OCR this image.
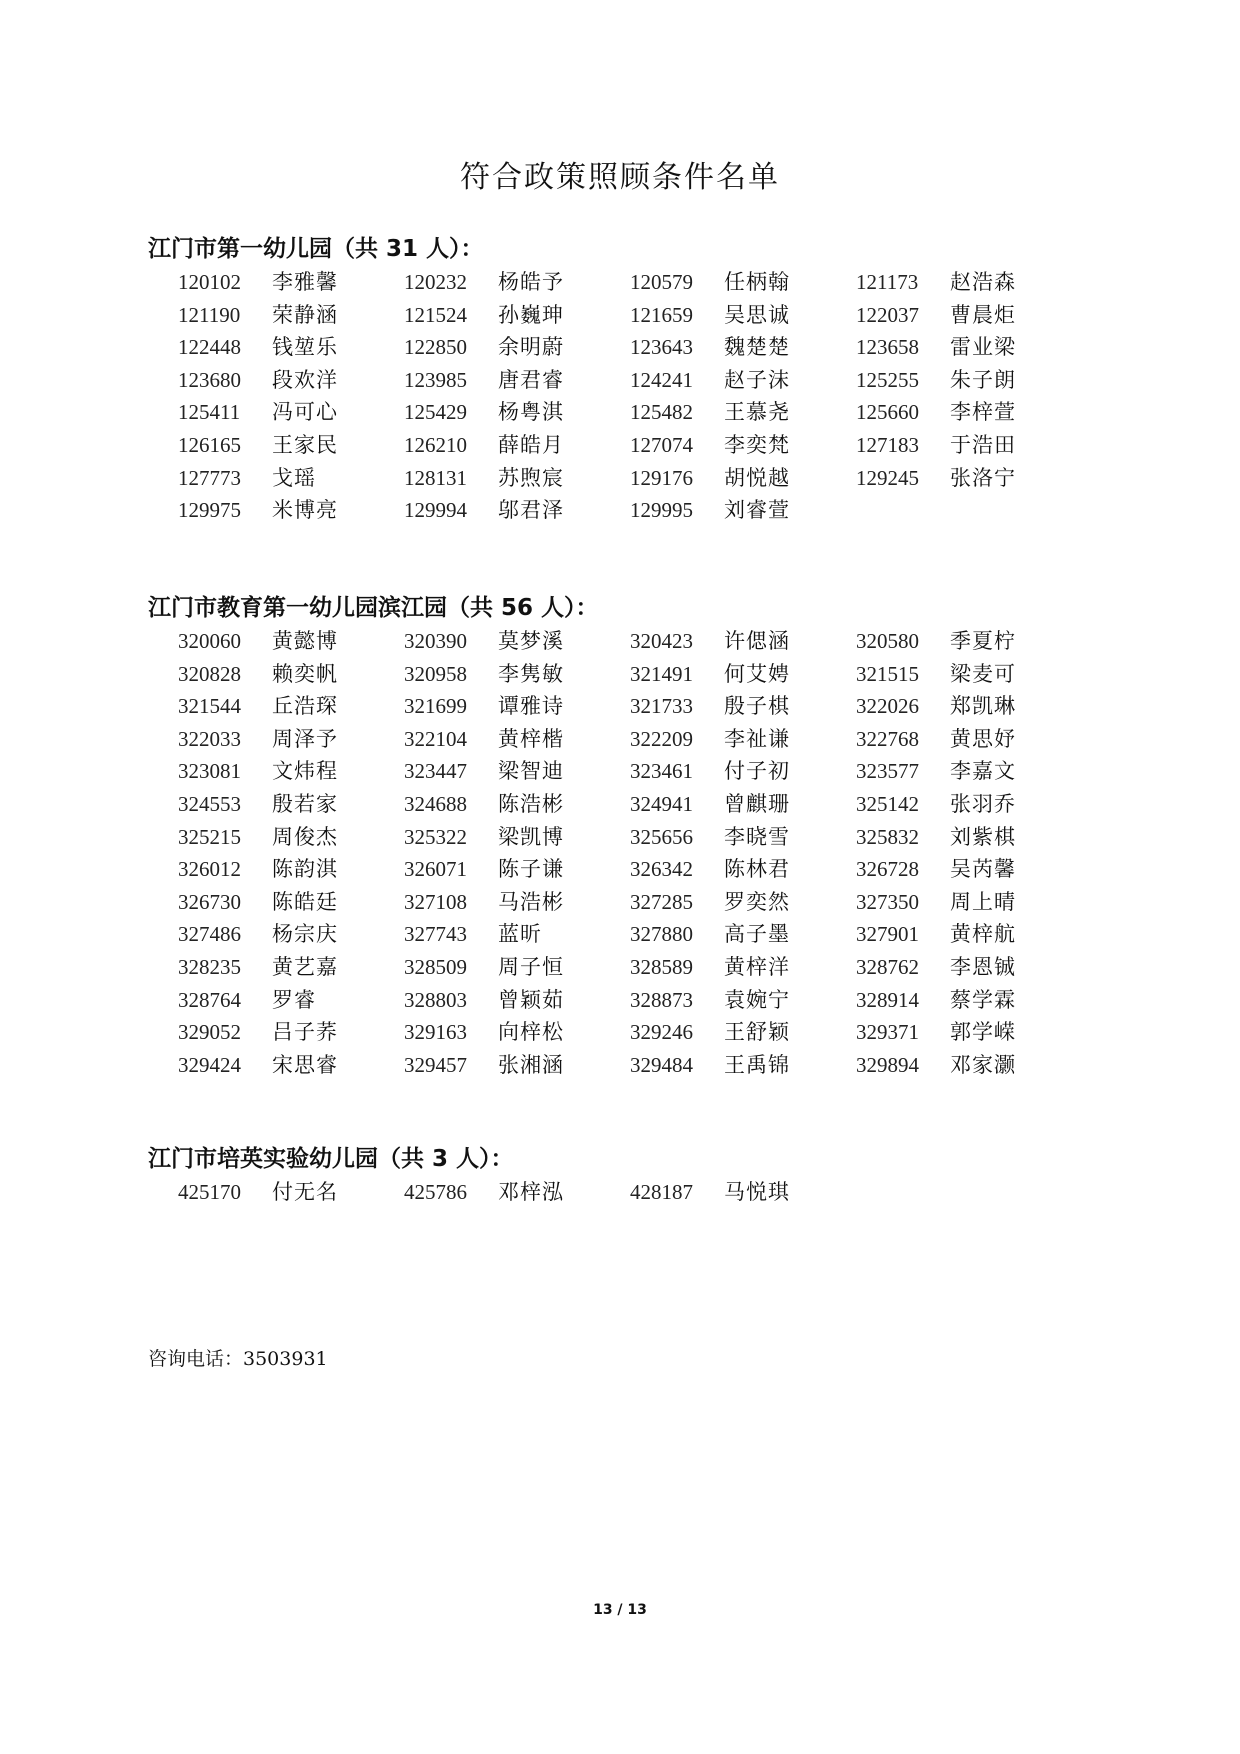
符合政策照顾条件名单
江门市第一幼儿园（共 31 人）：
120102	李雅馨	120232	杨皓予	120579	任柄翰	121173	赵浩森
121190	荣静涵	121524	孙巍珅	121659	吴思诚	122037	曹晨炬
122448	钱堃乐	122850	余明蔚	123643	魏楚楚	123658	雷业梁
123680	段欢洋	123985	唐君睿	124241	赵子沫	125255	朱子朗
125411	冯可心	125429	杨粤淇	125482	王慕尧	125660	李梓萱
126165	王家民	126210	薛皓月	127074	李奕梵	127183	于浩田
127773	戈瑶	128131	苏煦宸	129176	胡悦越	129245	张洛宁
129975	米博亮	129994	邬君泽	129995	刘睿萱
江门市教育第一幼儿园滨江园（共 56 人）：
320060	黄懿博	320390	莫梦溪	320423	许偲涵	320580	季夏柠
320828	赖奕帆	320958	李隽敏	321491	何艾娉	321515	梁麦可
321544	丘浩琛	321699	谭雅诗	321733	殷子棋	322026	郑凯琳
322033	周泽予	322104	黄梓楷	322209	李祉谦	322768	黄思妤
323081	文炜程	323447	梁智迪	323461	付子初	323577	李嘉文
324553	殷若家	324688	陈浩彬	324941	曾麒珊	325142	张羽乔
325215	周俊杰	325322	梁凯博	325656	李晓雪	325832	刘紫棋
326012	陈韵淇	326071	陈子谦	326342	陈林君	326728	吴芮馨
326730	陈皓廷	327108	马浩彬	327285	罗奕然	327350	周上晴
327486	杨宗庆	327743	蓝昕	327880	高子墨	327901	黄梓航
328235	黄艺嘉	328509	周子恒	328589	黄梓洋	328762	李恩铖
328764	罗睿	328803	曾颖茹	328873	袁婉宁	328914	蔡学霖
329052	吕子荞	329163	向梓松	329246	王舒颖	329371	郭学嵘
329424	宋思睿	329457	张湘涵	329484	王禹锦	329894	邓家灏
江门市培英实验幼儿园（共 3 人）：
425170	付无名	425786	邓梓泓	428187	马悦琪
咨询电话：3503931
13 / 13
